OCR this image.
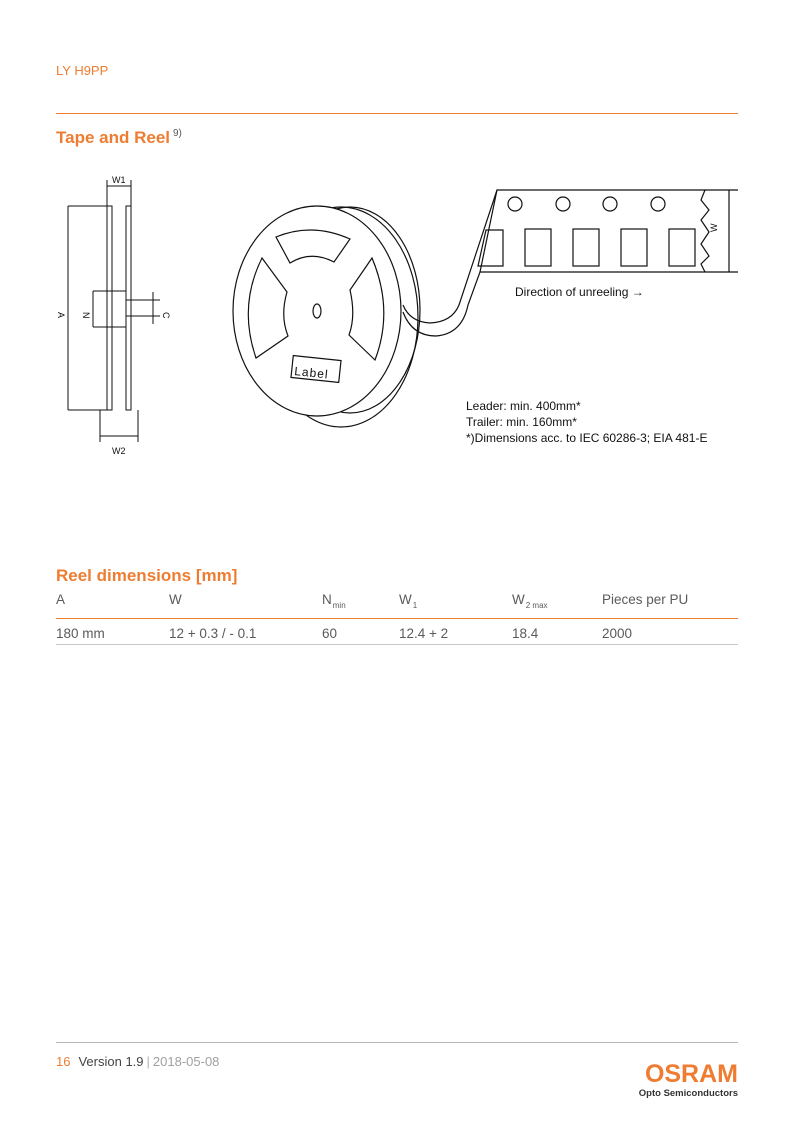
LY H9PP
Tape and Reel $^{9)}$
W1
W2
A N	C
W
Label
Direction of unreeling →
Leader: min. 400mm*
Trailer: min. 160mm*
*)Dimensions acc. to IEC 60286-3; EIA 481-E
Reel dimensions [mm]
A	W	$N_{min}$	$W_1$	$W_{2 max}$	Pieces per PU
180 mm	12 + 0.3 / - 0.1	60	12.4 + 2	18.4	2000
16 Version 1.9 | 2018-05-08	OSRAM
Opto Semiconductors
